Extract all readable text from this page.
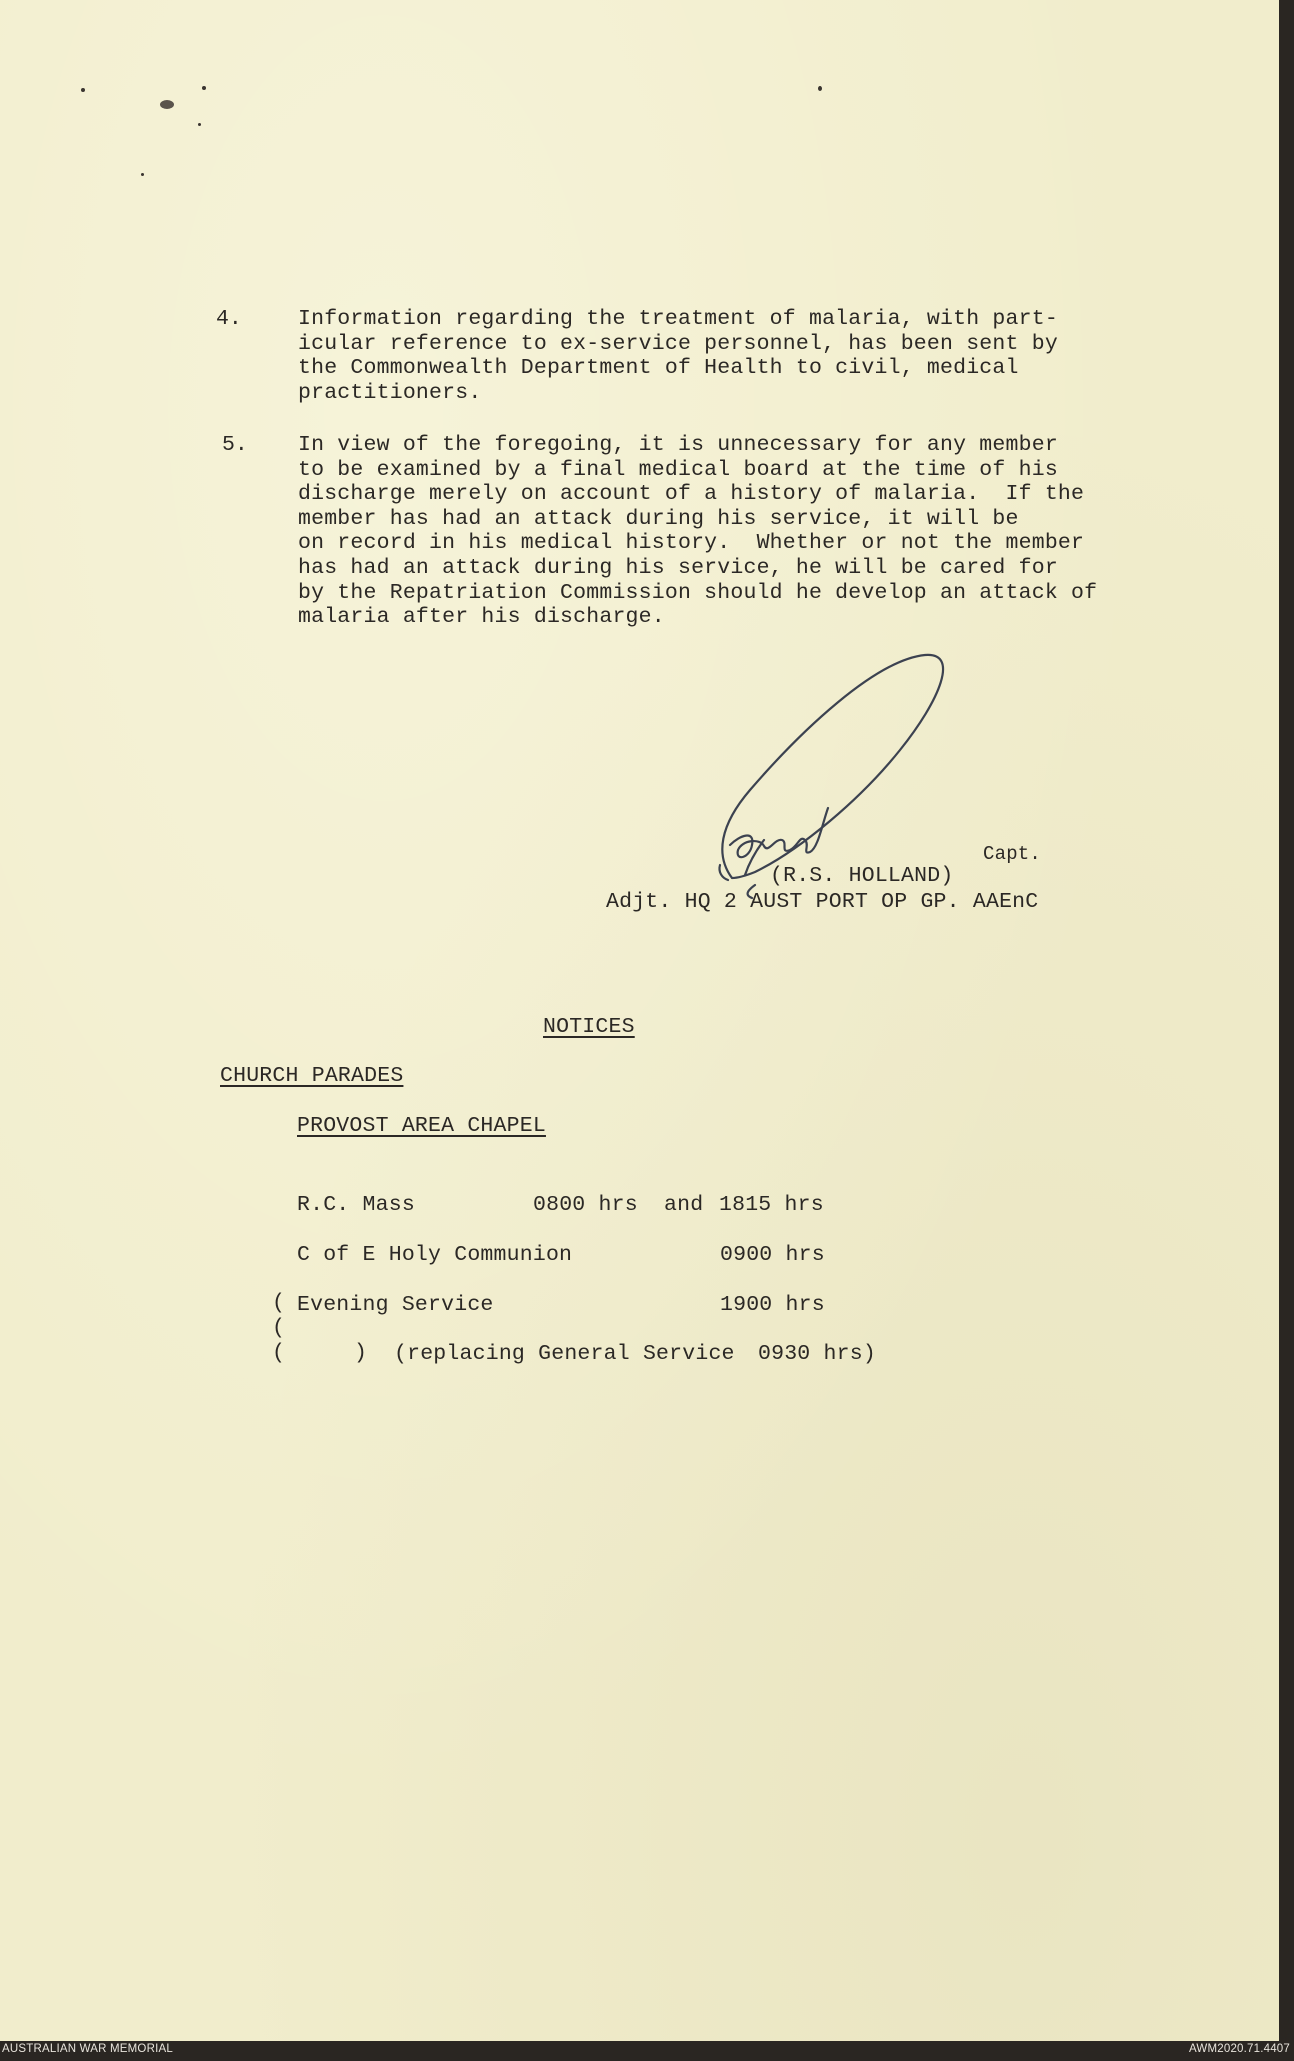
4.	Information regarding the treatment of malaria, with part-
icular reference to ex-service personnel, has been sent by
the Commonwealth Department of Health to civil, medical
practitioners.
5. In view of the foregoing, it is unnecessary for any member
to be examined by a final medical board at the time of his
discharge merely on account of a history of malaria.  If the
member has had an attack during his service, it will be
on record in his medical history.  Whether or not the member
has had an attack during his service, he will be cared for
by the Repatriation Commission should he develop an attack of
malaria after his discharge.
Capt.
(R.S. HOLLAND)
Adjt. HQ 2 AUST PORT OP GP. AAEnC
NOTICES
CHURCH PARADES
PROVOST AREA CHAPEL
R.C. Mass	0800 hrs and 1815 hrs
C of E Holy Communion	0900 hrs
( Evening Service	1900 hrs
(
(	) (replacing General Service 0930 hrs)
AUSTRALIAN WAR MEMORIAL	AWM2020.71.4407
